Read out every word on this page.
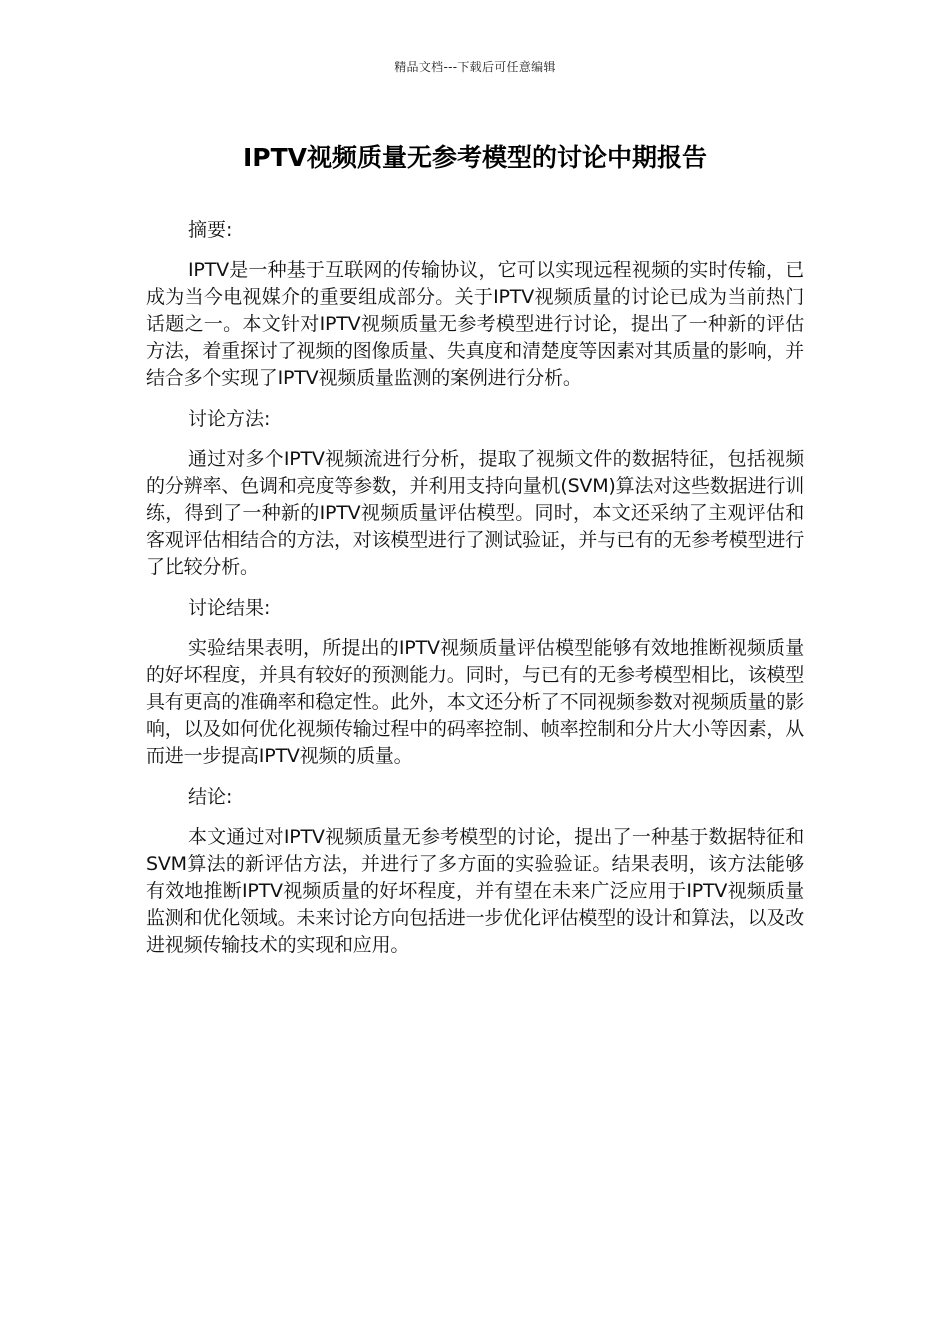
精品文档---下载后可任意编辑
IPTV视频质量无参考模型的讨论中期报告

摘要:

IPTV是一种基于互联网的传输协议，它可以实现远程视频的实时传输，已成为当今电视媒介的重要组成部分。关于IPTV视频质量的讨论已成为当前热门话题之一。本文针对IPTV视频质量无参考模型进行讨论，提出了一种新的评估方法，着重探讨了视频的图像质量、失真度和清楚度等因素对其质量的影响，并结合多个实现了IPTV视频质量监测的案例进行分析。

讨论方法:

通过对多个IPTV视频流进行分析，提取了视频文件的数据特征，包括视频的分辨率、色调和亮度等参数，并利用支持向量机(SVM)算法对这些数据进行训练，得到了一种新的IPTV视频质量评估模型。同时，本文还采纳了主观评估和客观评估相结合的方法，对该模型进行了测试验证，并与已有的无参考模型进行了比较分析。

讨论结果:

实验结果表明，所提出的IPTV视频质量评估模型能够有效地推断视频质量的好坏程度，并具有较好的预测能力。同时，与已有的无参考模型相比，该模型具有更高的准确率和稳定性。此外，本文还分析了不同视频参数对视频质量的影响，以及如何优化视频传输过程中的码率控制、帧率控制和分片大小等因素，从而进一步提高IPTV视频的质量。

结论:

本文通过对IPTV视频质量无参考模型的讨论，提出了一种基于数据特征和SVM算法的新评估方法，并进行了多方面的实验验证。结果表明，该方法能够有效地推断IPTV视频质量的好坏程度，并有望在未来广泛应用于IPTV视频质量监测和优化领域。未来讨论方向包括进一步优化评估模型的设计和算法，以及改进视频传输技术的实现和应用。
